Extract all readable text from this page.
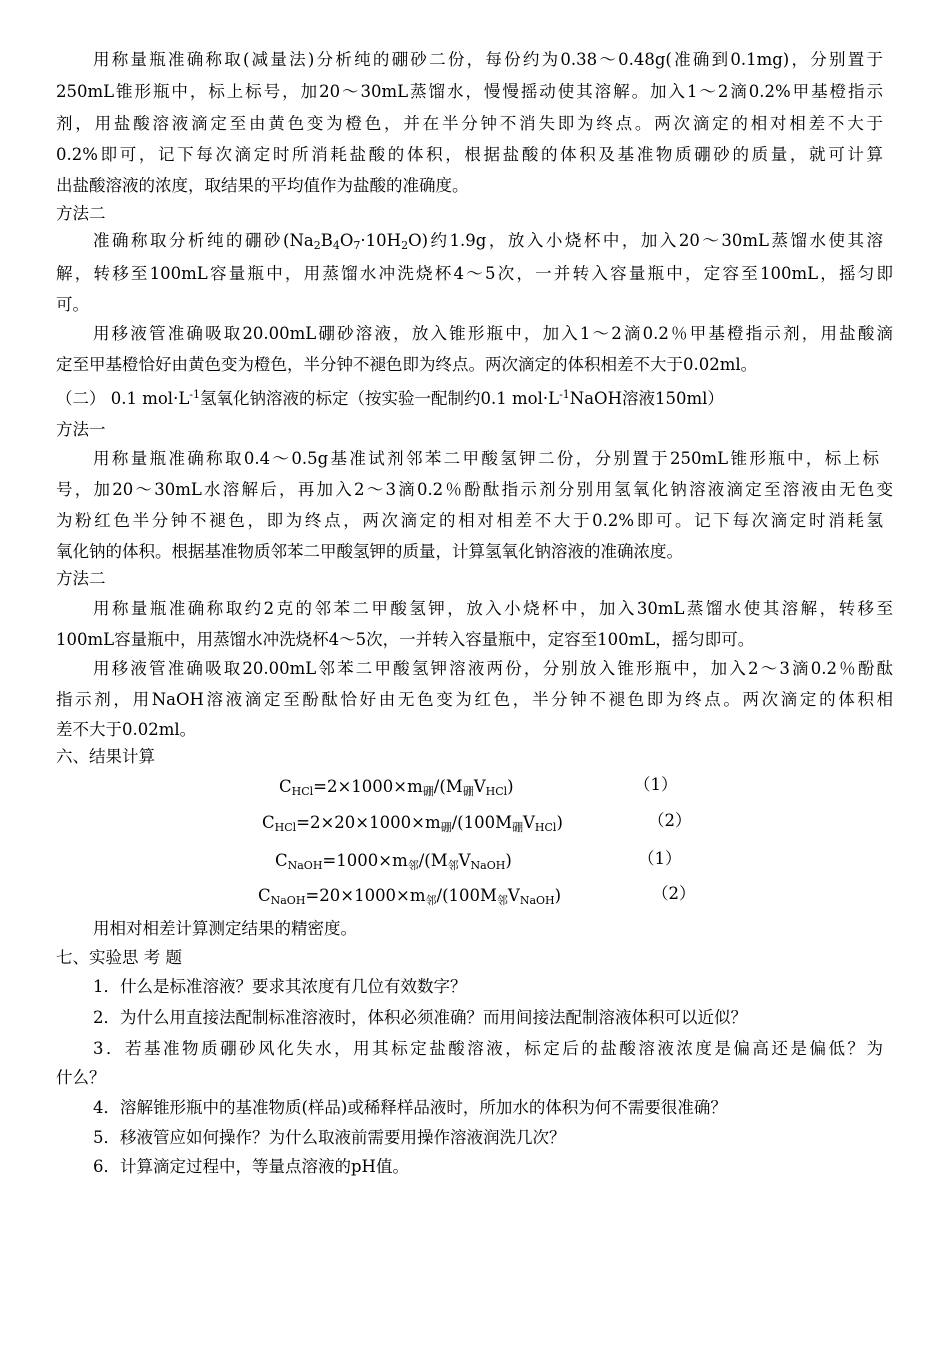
用称量瓶准确称取(减量法)分析纯的硼砂二份，每份约为0.38～0.48g(准确到0.1mg)，分别置于
250mL锥形瓶中，标上标号，加20～30mL蒸馏水，慢慢摇动使其溶解。加入1～2滴0.2%甲基橙指示
剂，用盐酸溶液滴定至由黄色变为橙色，并在半分钟不消失即为终点。两次滴定的相对相差不大于
0.2%即可，记下每次滴定时所消耗盐酸的体积，根据盐酸的体积及基准物质硼砂的质量，就可计算
出盐酸溶液的浓度，取结果的平均值作为盐酸的准确度。
方法二
准确称取分析纯的硼砂$(Na_2B_4O_7\cdot 10H_2O)$约1.9g，放入小烧杯中，加入20～30mL蒸馏水使其溶
解，转移至100mL容量瓶中，用蒸馏水冲洗烧杯4～5次，一并转入容量瓶中，定容至100mL，摇匀即
可。
用移液管准确吸取20.00mL硼砂溶液，放入锥形瓶中，加入1～2滴0.2％甲基橙指示剂，用盐酸滴
定至甲基橙恰好由黄色变为橙色，半分钟不褪色即为终点。两次滴定的体积相差不大于0.02ml。
（二） 0.1 $mol\cdot L^{-1}$氢氧化钠溶液的标定（按实验一配制约0.1 $mol\cdot L^{-1}NaOH$溶液150ml）
方法一
用称量瓶准确称取0.4～0.5g基准试剂邻苯二甲酸氢钾二份，分别置于250mL锥形瓶中，标上标
号，加20～30mL水溶解后，再加入2～3滴0.2％酚酞指示剂分别用氢氧化钠溶液滴定至溶液由无色变
为粉红色半分钟不褪色，即为终点，两次滴定的相对相差不大于0.2%即可。记下每次滴定时消耗氢
氧化钠的体积。根据基准物质邻苯二甲酸氢钾的质量，计算氢氧化钠溶液的准确浓度。
方法二
用称量瓶准确称取约2克的邻苯二甲酸氢钾，放入小烧杯中，加入30mL蒸馏水使其溶解，转移至
100mL容量瓶中，用蒸馏水冲洗烧杯4～5次，一并转入容量瓶中，定容至100mL，摇匀即可。
用移液管准确吸取20.00mL邻苯二甲酸氢钾溶液两份，分别放入锥形瓶中，加入2～3滴0.2％酚酞
指示剂，用NaOH溶液滴定至酚酞恰好由无色变为红色，半分钟不褪色即为终点。两次滴定的体积相
差不大于0.02ml。
六、结果计算
$C_{HCl}=2\times 1000\times m_硼/(M_硼V_{HCl})$	（1）
$C_{HCl}=2\times 20\times 1000\times m_硼/(100M_硼V_{HCl})$	（2）
$C_{NaOH}=1000\times m_邻/(M_邻V_{NaOH})$	（1）
$C_{NaOH}=20\times 1000\times m_邻/(100M_邻V_{NaOH})$	（2）
用相对相差计算测定结果的精密度。
七、实验思 考 题
1．什么是标准溶液？要求其浓度有几位有效数字？
2．为什么用直接法配制标准溶液时，体积必须准确？而用间接法配制溶液体积可以近似？
3．若基准物质硼砂风化失水，用其标定盐酸溶液，标定后的盐酸溶液浓度是偏高还是偏低？为
什么？
4．溶解锥形瓶中的基准物质(样品)或稀释样品液时，所加水的体积为何不需要很准确？
5．移液管应如何操作？为什么取液前需要用操作溶液润洗几次？
6．计算滴定过程中，等量点溶液的pH值。
